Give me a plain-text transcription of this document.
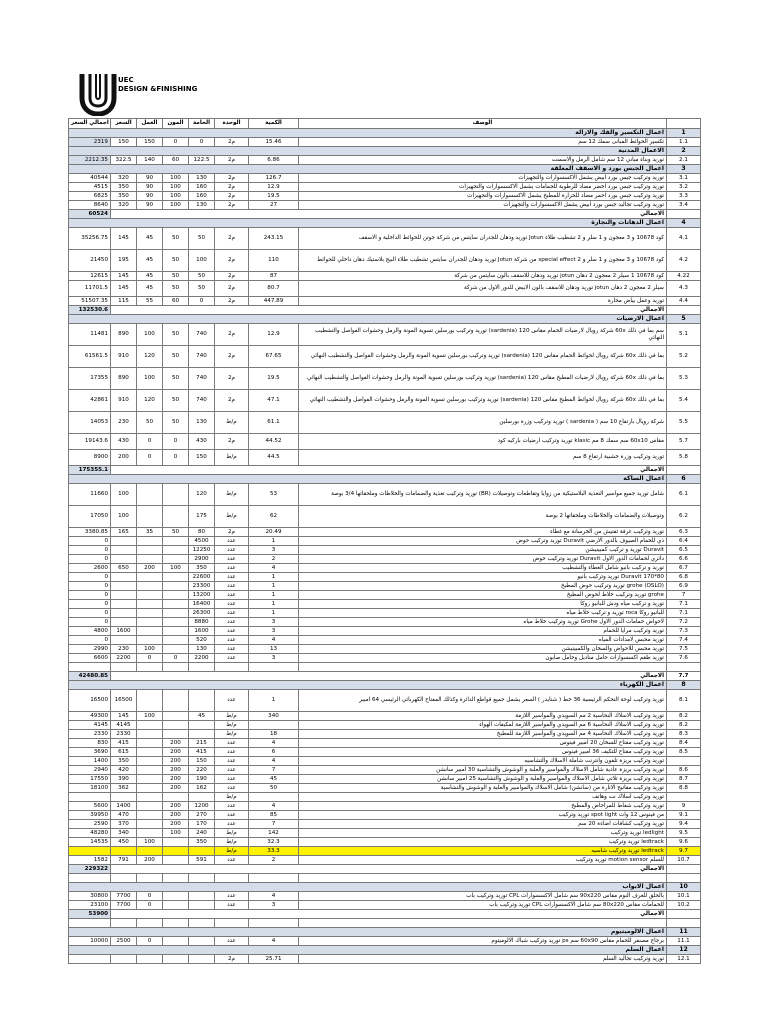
UEC
DESIGN &FINISHING
اجمالي السعر	السعر	العمل	المون	الخامة	الوحدة	الكمية	الوصف	
اعمال التكسير والفك والازالة								1
2319	150	150	0	0	م2	15.46	تكسير الحوائط المبانى سمك 12 سم	1.1
الاعمال المدنية								2
2212.35	322.5	140	60	122.5	م2	6.86	توريد وبناء مباني 12 سم شامل الرمل والاسمنت	2.1
اعمال الجبس بورد و الاسقف المعلقة								3
40544	320	90	100	130	م2	126.7	توريد وتركيب جبس بورد ابيض يشمل الاكسسوارات والتجهيزات	3.1
4515	350	90	100	160	م2	12.9	توريد وتركيب جبس بورد اخضر مضاد للرطوبة للحمامات يشمل الاكسسوارات والتجهيزات	3.2
6825	350	90	100	160	م2	19.5	توريد وتركيب جبس بورد احمر مضاد للحرارة للمطبخ يشمل الاكسسوارات والتجهيزات	3.3
8640	320	90	100	130	م2	27	توريد وتركيب تجاليد جبس بورد ابيض يشمل الاكسسوارات والتجهيزات	3.4
60524	الاجمالي							
اعمال الدهانات والنجارة								4
35256.75	145	45	50	50	م2	243.15	كود 10678 و 3 معجون و 1 سلر و 2 تشطيب طلاء Jotun توريد ودهان للجدران سايتس من شركة جوتن للحوائط الداخلية و الاسقف	4.1
21450	195	45	50	100	م2	110	كود 10678 و 3 معجون و 1 سلر و 2 special effect من شركة Jotun توريد ودهان للجدران سايتس تشطيب طلاء البيج بلاستيك دهان داخلي للحوائط	4.2
12615	145	45	50	50	م2	87	كود 10678 1 سيلر 2 معجون 2 دهان jotun توريد ودهان للاسقف بالون سايتس من شركة	4.22
11701.5	145	45	50	50	م2	80.7	سيلر 2 معجون 2 دهان jotun توريد ودهان للاسقف بالون الابيض للدور الاول من شركة	4.3
51507.35	115	55	60	0	م2	447.89	توريد وعمل بياض محارة	4.4
132530.6	الاجمالي							
اعمال الارضيات								5
11481	890	100	50	740	م2	12.9	سم بما في ذلك 60x شركة رويال لارضيات الحمام مقاس 120 (sardenia) توريد وتركيب بورسلين تسوية المونة والرمل وحشوات الفواصل والتشطيب النهائي	5.1
61561.5	910	120	50	740	م2	67.65	بما في ذلك 60x شركة رويال لحوائط الحمام مقاس 120 (sardenia) توريد وتركيب بورسلين تسوية المونة والرمل وحشوات الفواصل والتشطيب النهائي	5.2
17355	890	100	50	740	م2	19.5	بما في ذلك 60x شركة رويال لارضيات المطبخ مقاس 120 (sardenia) توريد وتركيب بورسلين تسوية المونة والرمل وحشوات الفواصل والتشطيب النهائي	5.3
42861	910	120	50	740	م2	47.1	بما في ذلك 60x شركة رويال لحوائط المطبخ مقاس 120 (sardenia) توريد وتركيب بورسلين تسوية المونة والرمل وحشوات الفواصل والتشطيب النهائي	5.4
14053	230	50	50	130	م/ط	61.1	شركة رويال بارتفاع 10 سم ( sardenia ) توريد وتركيب وزرة بورسلين	5.5
19143.6	430	0	0	430	م2	44.52	مقاس 60x10 سم سمك 8 مم klasic توريد وتركيب ارضيات باركيه كود	5.7
8900	200	0	0	150	م/ط	44.5	توريد وتركيب وزرة خشبية ارتفاع 8 سم	5.8
175355.1	الاجمالي							
اعمال الساكة								6
11660	100			120	م/ط	53	شامل توريد جميع مواسير التغذية البلاستيكية من زوايا وتقاطعات وتوصيلات (BR) توريد وتركيب تغذية والضمامات والخلاطات وملحقاتها 3/4 بوصة	6.1
17050	100			175	م/ط	62	وتوصيلات والضمامات والخلاطات وملحقاتها 2 بوصة	6.2
3380.85	165	35	50	80	م2	20.49	توريد وتركيب غرفة تفتيش من الخرسانة مع غطاء	6.3
0				4500	عدد	1	ذي للحمام الصيوف بالدور الارضي Duravit توريد وتركيب حوض	6.4
0				12250	عدد	3	Duravit توريد و تركيب كمبينيشن	6.5
0				2900	عدد	2	دائري لحمامات الدور الاول Duravit توريد وتركيب حوض	6.6
2600	650	200	100	350	عدد	4	توريد و تركيب بانيو شامل الغطاء والتشطيب	6.7
0				22600	عدد	1	Duravit 170*80 توريد وتركيب بانيو	6.8
0				23300	عدد	1	grohe (OSLO) توريد وتركيب حوض المطبخ	6.9
0				13200	عدد	1	grohe توريد وتركيب خلاط لحوض المطبخ	7
0				16400	عدد	1	توريد و تركيب مياه ودش للبانيو روكا	7.1
0				26300	عدد	1	للبانيو روكا roca توريد و تركيب خلاط مياه	7.1
0				8880	عدد	3	لاحواض حمامات الدور الاول Grohe توريد وتركيب خلاط مياه	7.2
4800	1600			1600	عدد	3	توريد وتركيب مرايا للحمام	7.3
0				520	عدد	4	توريد محبس لامدادات المياه	7.4
2990	230	100		130	عدد	13	توريد محبس للاحواض والسخان والكمبينيشن	7.5
6600	2200	0	0	2200	عدد	3	توريد طقم اكسسوارات حامل مناديل وحامل صابون	7.6

42480.85	الاجمالي							7.7
اعمال الكهرباء								8
16500	16500				عدد	1	توريد وتركيب لوحة التحكم الرئيسية 36 خط ( شنايدر ) السعر يشمل جميع قواطع الدائرة وكذلك المفتاح الكهربائي الرئيسي 64 امبير	8.1
49300	145	100		45	م/ط	340	توريد وتركيب الاسلاك النحاسية 2 مم السويدي والمواسير اللازمة	8.2
4145	4145				م/ط		توريد وتركيب الاسلاك النحاسية 6 مم السويدي والمواسير اللازمة لمكيفات الهواء	8.2
2330	2330				م/ط	18	توريد وتركيب الاسلاك النحاسية 4 مم السويدي والمواسير اللازمة للمطبخ	8.3
830	415		200	215	عدد	4	توريد وتركيب مفتاح للسخان 20 امبير فينوس	8.4
3690	615		200	415	عدد	6	توريد وتركيب مفتاح للتكيف 36 امبير فينوس	8.5
1400	350		200	150	عدد	4	توريد وتركيب بريزة تلفون وانترنت شاملة الاسلاك والتشاسيه	
2940	420		200	220	عدد	7	توريد وتركيب بريزة عادية شامل الاسلاك والمواسير والعلبة و الوشوش والتشاسية 30 امبير سانشن	8.6
17550	390		200	190	عدد	45	توريد وتركيب بريزة تلاتي شامل الاسلاك والمواسير والعلبة و الوشوش والتشاسية 25 امبير سانشن	8.7
18100	362		200	162	عدد	50	توريد وتركيب مفاتيح الانارة من (سانشن) شامل الاسلاك والمواسير والعلبة و الوشوش والتشاسية	8.8
					م/ط		توريد وتركيب اسلاك نت وهاتف	
5600	1400		200	1200	عدد	4	توريد وتركيب شفاط للمراحاض والمطبخ	9
39950	470		200	270	عدد	85	من فينوس 12 وات spot light توريد وتركيب	9.1
2590	370		200	170	عدد	7	توريد وتركيب كشافات اضاءة 20 سم	9.4
48280	340		100	240	م/ط	142	ledlight توريد وتركيب	9.5
14535	450	100		350	م/ط	32.3	ledtrack توريد وتركيب	9.6
					م/ط	33.3	ledtrack توريد وتركيب شاسيه	9.7
1582	791	200		591	عدد	2	للسلم motion sensor توريد وتركيب	10.7
229322	الاجمالي							

اعمال الابواب								10
30800	7700	0			عدد	4	بالحلق للغرف النوم مقاس 90x220 سم شامل الاكسسوارات CPL توريد وتركيب باب	10.1
23100	7700	0			عدد	3	للحمامات مقاس 80x220 سم شامل الاكسسوارات CPL توريد وتركيب باب	10.2
53900	الاجمالي							

اعمال الالوميتيوم								11
10000	2500	0			عدد	4	برجاج مصنفر للحمام مقاس 60x90 سم ps توريد وتركيب شباك الالوميتوم	11.1
اعمال السلم								12
					م2	25.71	توريد وتركيب تجاليد السلم	12.1
